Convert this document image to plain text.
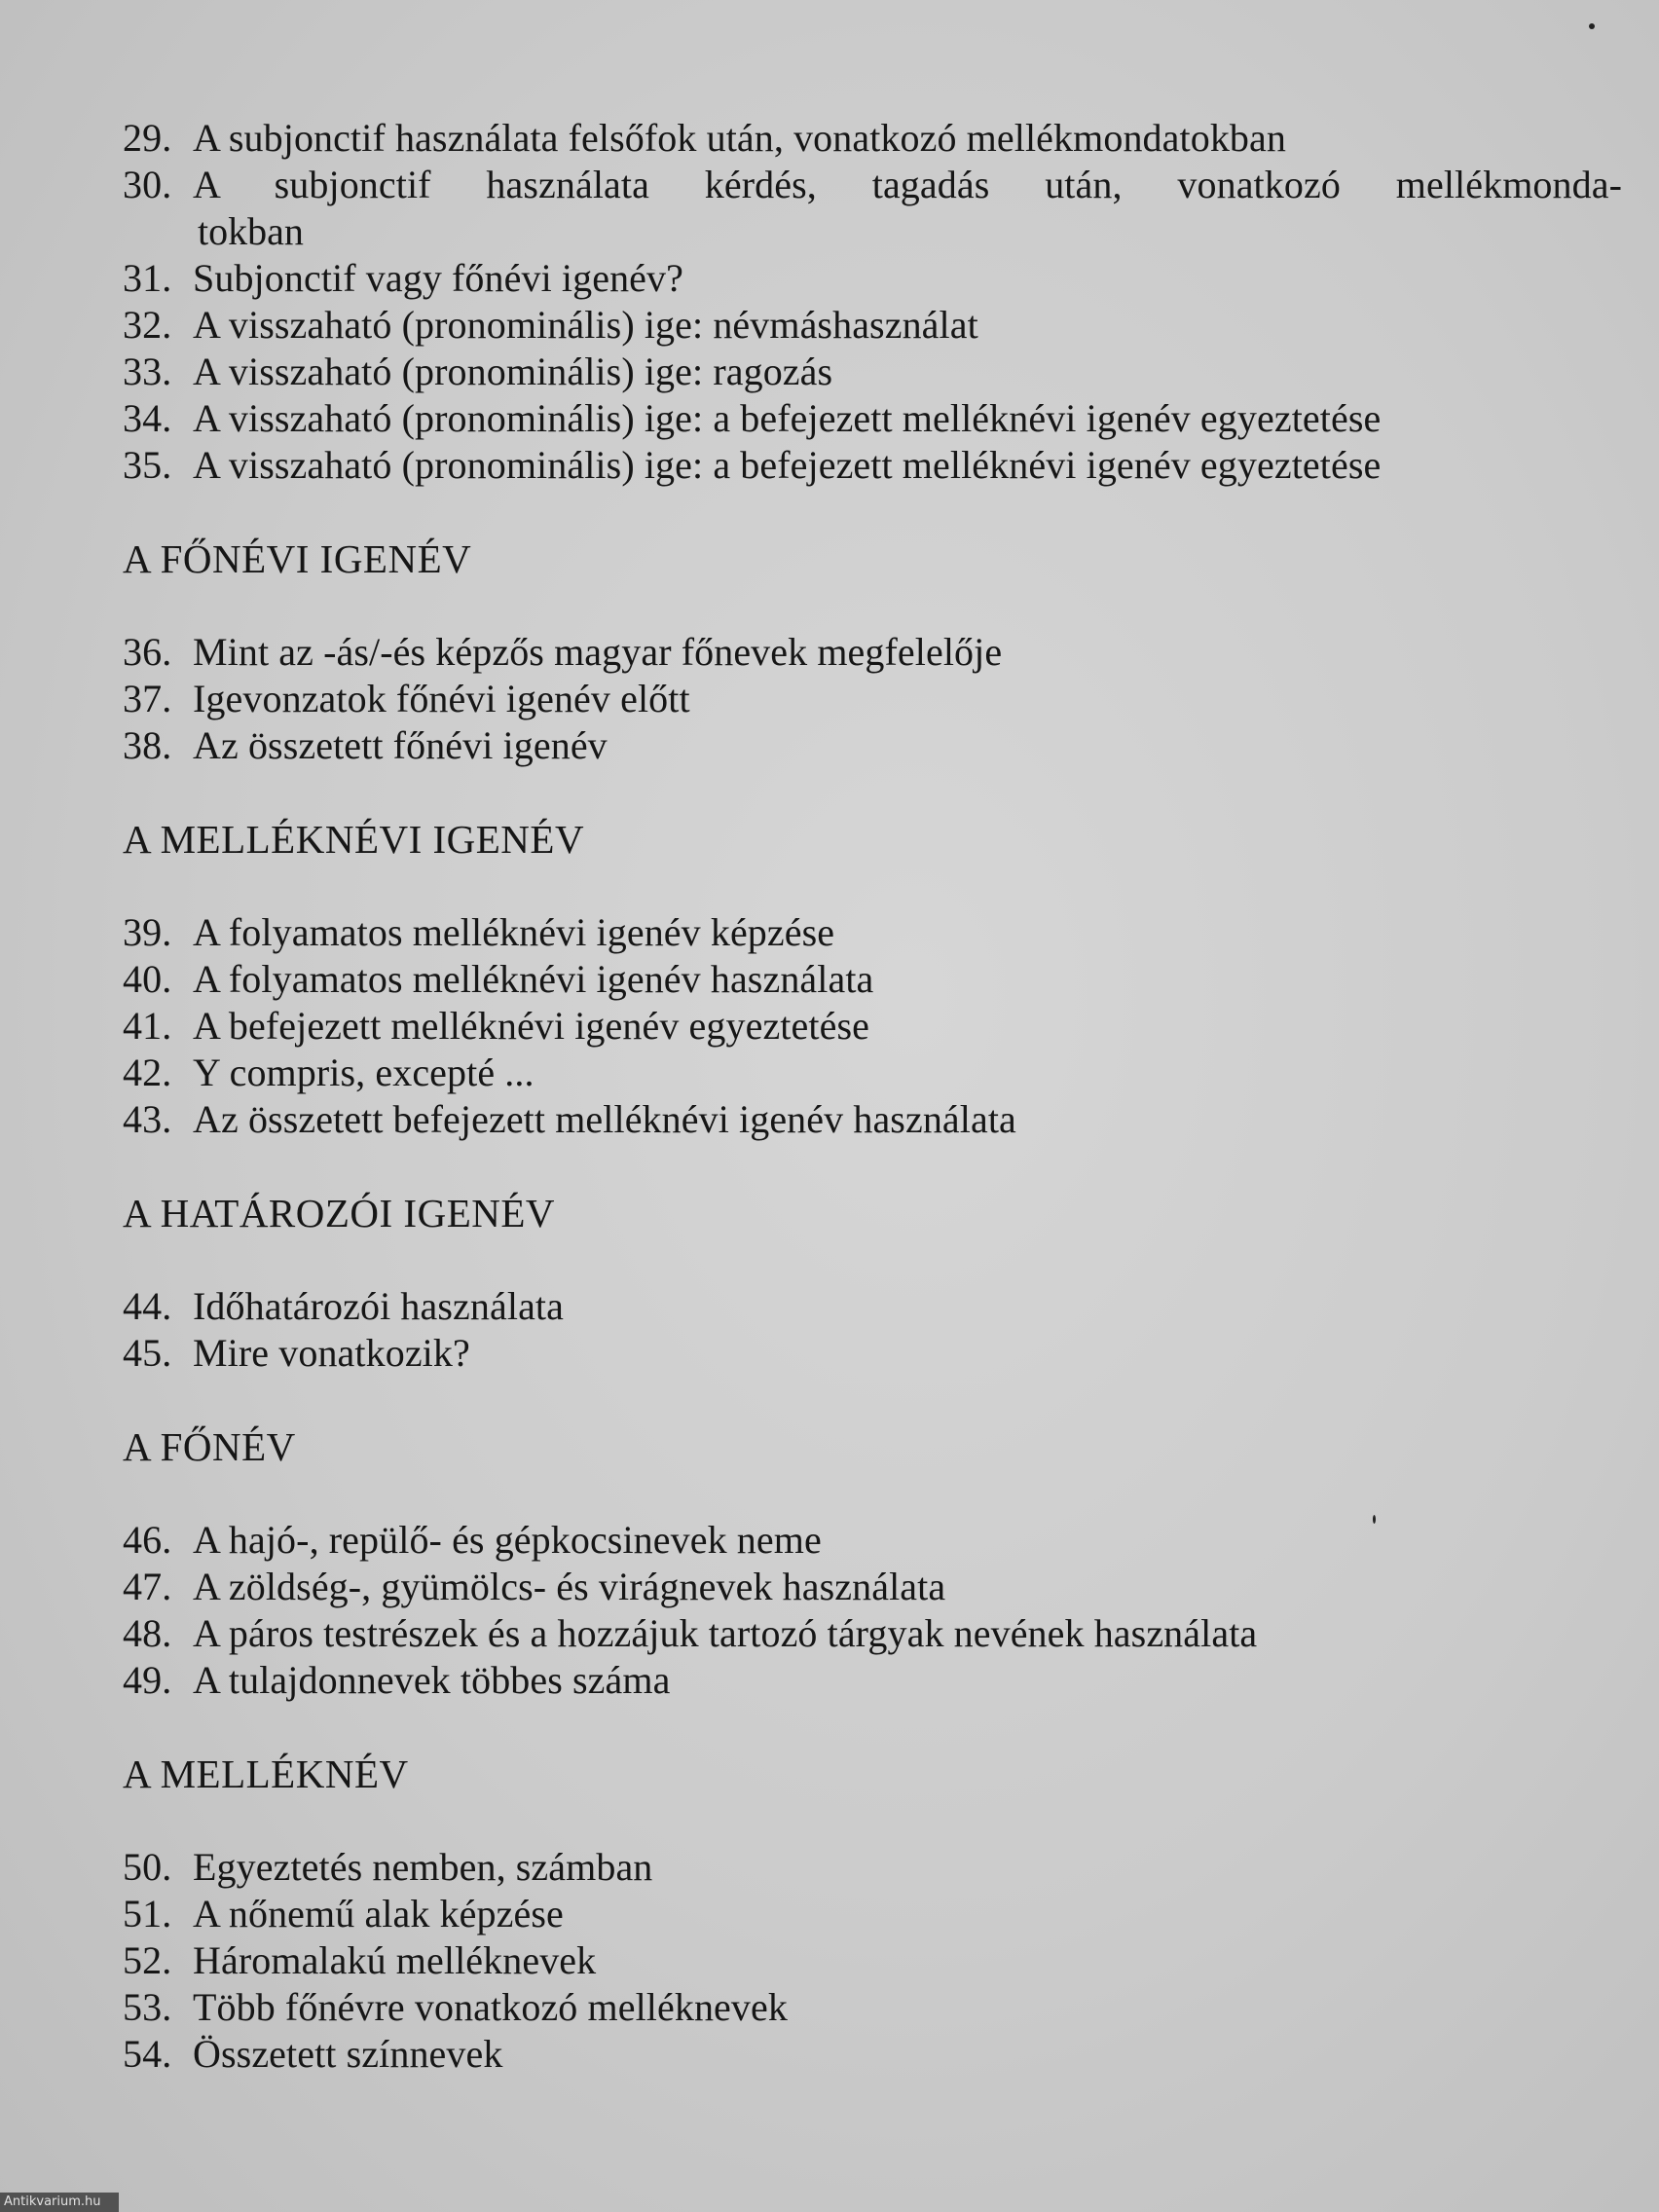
29. A subjonctif használata felsőfok után, vonatkozó mellékmondatokban
30. A subjonctif használata kérdés, tagadás után, vonatkozó mellékmonda-
tokban
31. Subjonctif vagy főnévi igenév?
32. A visszaható (pronominális) ige: névmáshasználat
33. A visszaható (pronominális) ige: ragozás
34. A visszaható (pronominális) ige: a befejezett melléknévi igenév egyeztetése
35. A visszaható (pronominális) ige: a befejezett melléknévi igenév egyeztetése
A FŐNÉVI IGENÉV
36. Mint az -ás/-és képzős magyar főnevek megfelelője
37. Igevonzatok főnévi igenév előtt
38. Az összetett főnévi igenév
A MELLÉKNÉVI IGENÉV
39. A folyamatos melléknévi igenév képzése
40. A folyamatos melléknévi igenév használata
41. A befejezett melléknévi igenév egyeztetése
42. Y compris, excepté ...
43. Az összetett befejezett melléknévi igenév használata
A HATÁROZÓI IGENÉV
44. Időhatározói használata
45. Mire vonatkozik?
A FŐNÉV
46. A hajó-, repülő- és gépkocsinevek neme
47. A zöldség-, gyümölcs- és virágnevek használata
48. A páros testrészek és a hozzájuk tartozó tárgyak nevének használata
49. A tulajdonnevek többes száma
A MELLÉKNÉV
50. Egyeztetés nemben, számban
51. A nőnemű alak képzése
52. Háromalakú melléknevek
53. Több főnévre vonatkozó melléknevek
54. Összetett színnevek
Antikvarium.hu
